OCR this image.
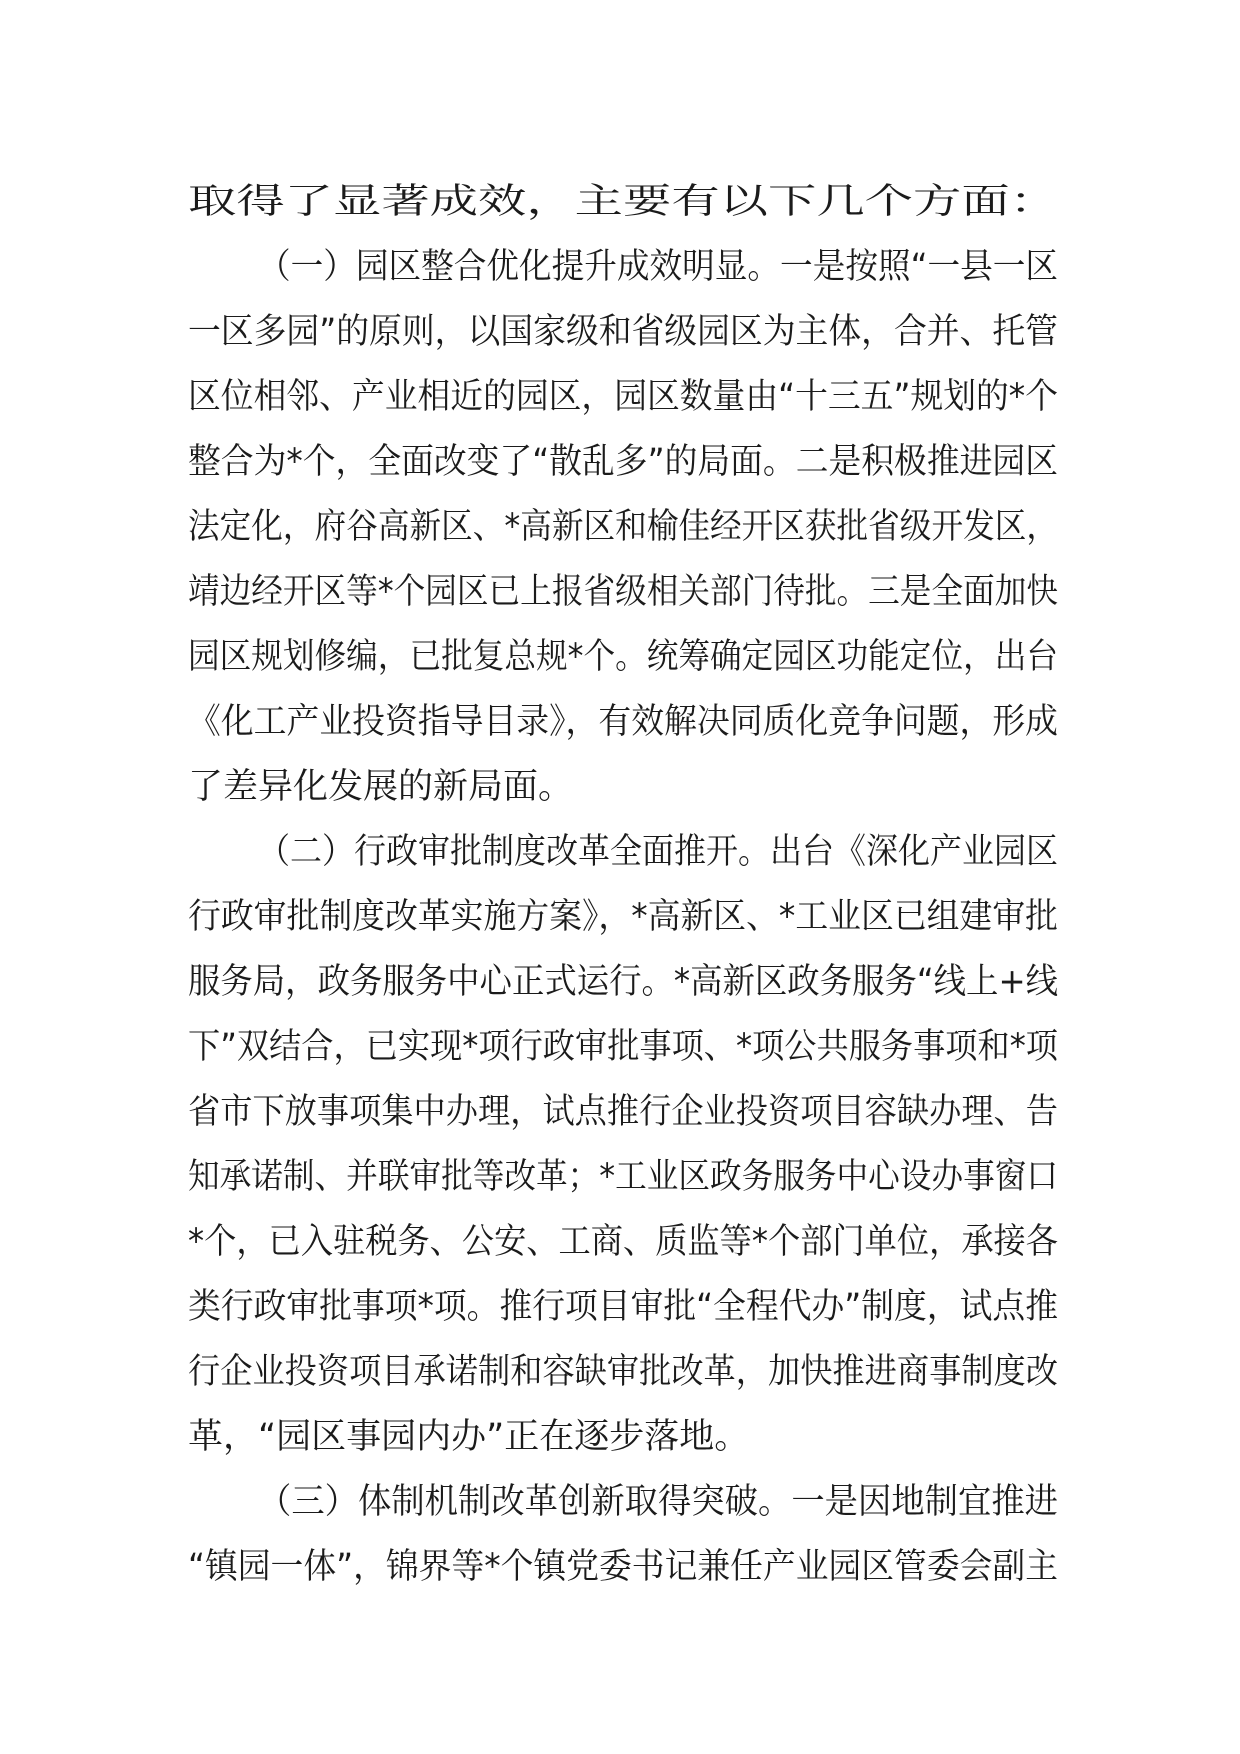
取得了显著成效，主要有以下几个方面：
（一）园区整合优化提升成效明显。一是按照“一县一区
一区多园”的原则，以国家级和省级园区为主体，合并、托管
区位相邻、产业相近的园区，园区数量由“十三五”规划的*个
整合为*个，全面改变了“散乱多”的局面。二是积极推进园区
法定化，府谷高新区、*高新区和榆佳经开区获批省级开发区，
靖边经开区等*个园区已上报省级相关部门待批。三是全面加快
园区规划修编，已批复总规*个。统筹确定园区功能定位，出台
《化工产业投资指导目录》，有效解决同质化竞争问题，形成
了差异化发展的新局面。
（二）行政审批制度改革全面推开。出台《深化产业园区
行政审批制度改革实施方案》，*高新区、*工业区已组建审批
服务局，政务服务中心正式运行。*高新区政务服务“线上+线
下”双结合，已实现*项行政审批事项、*项公共服务事项和*项
省市下放事项集中办理，试点推行企业投资项目容缺办理、告
知承诺制、并联审批等改革；*工业区政务服务中心设办事窗口
*个，已入驻税务、公安、工商、质监等*个部门单位，承接各
类行政审批事项*项。推行项目审批“全程代办”制度，试点推
行企业投资项目承诺制和容缺审批改革，加快推进商事制度改
革，“园区事园内办”正在逐步落地。
（三）体制机制改革创新取得突破。一是因地制宜推进
“镇园一体”，锦界等*个镇党委书记兼任产业园区管委会副主
